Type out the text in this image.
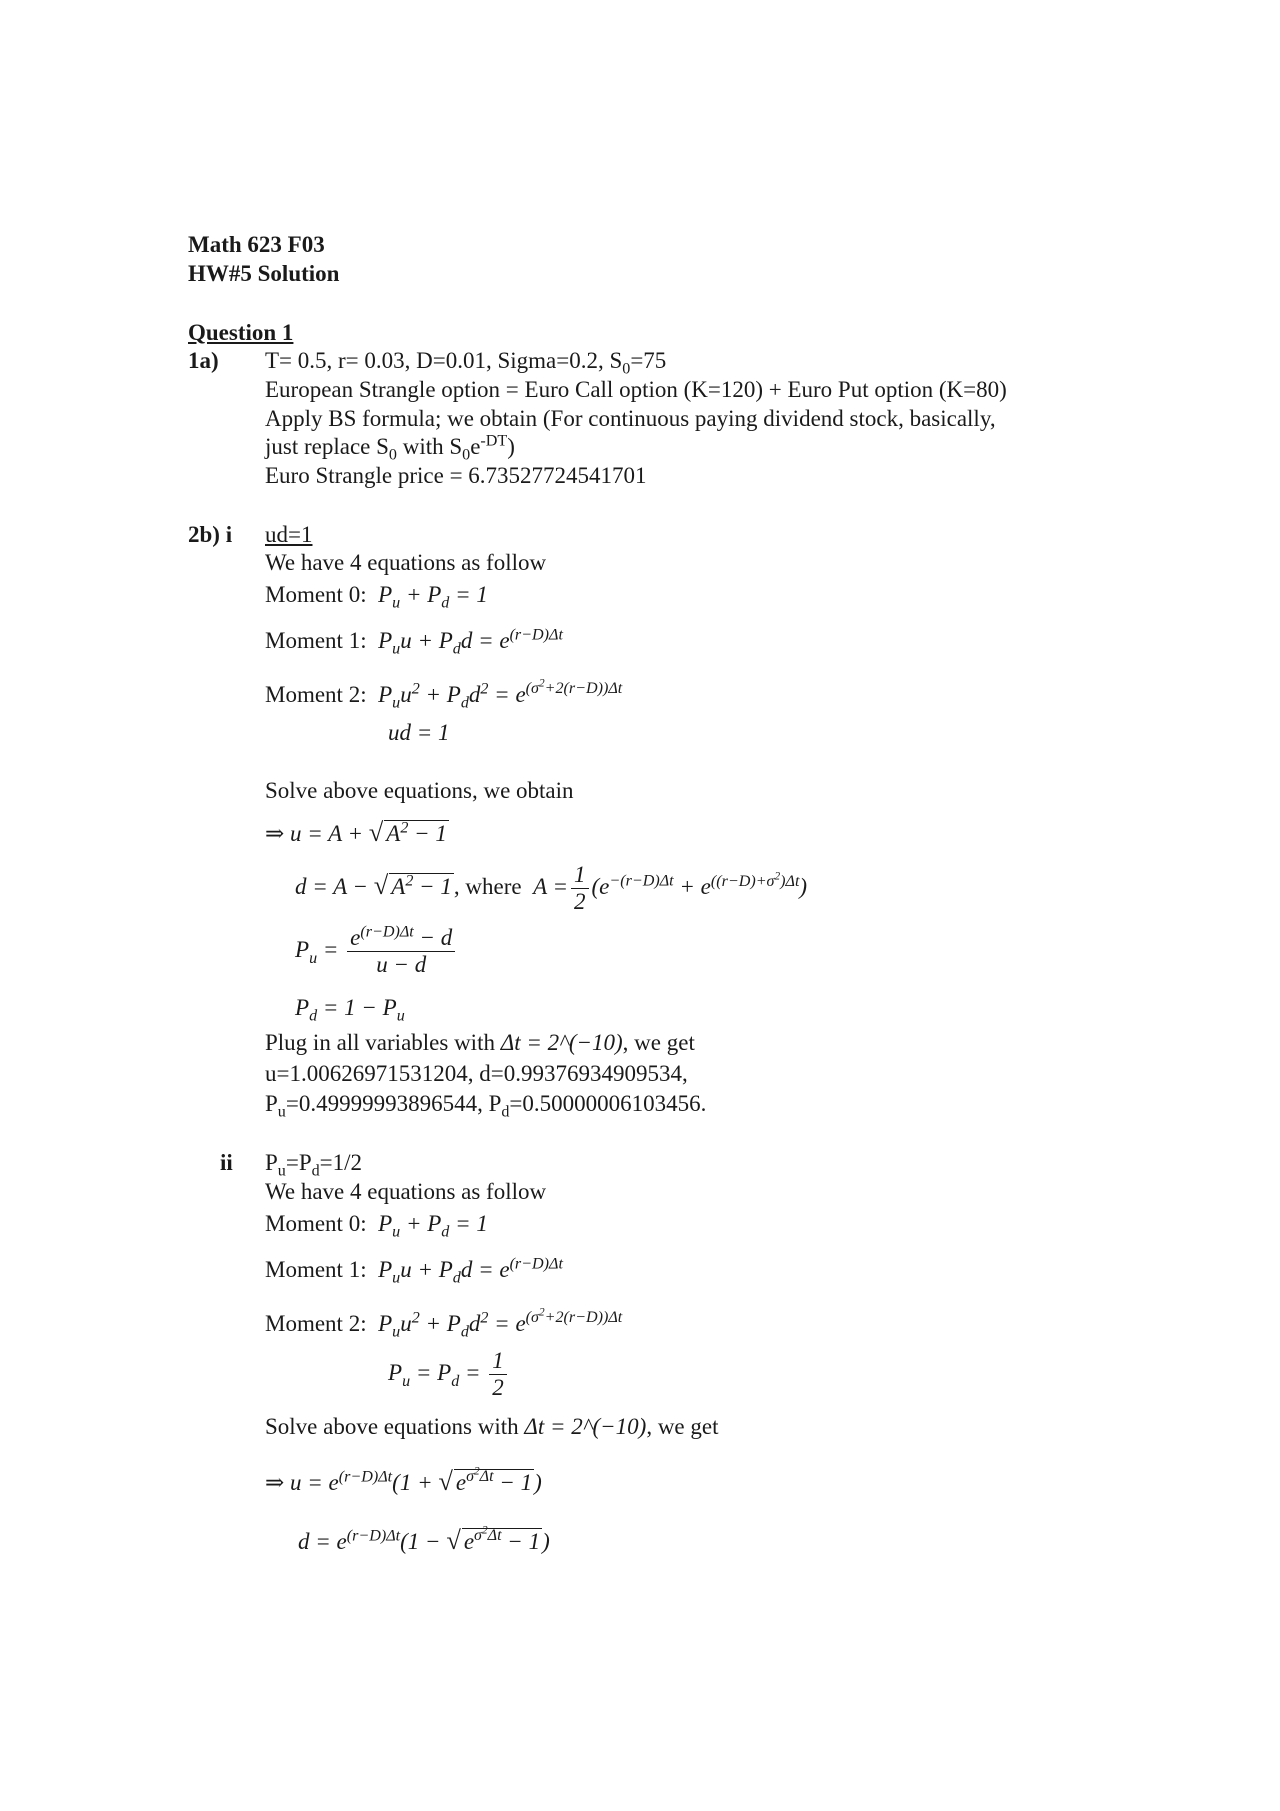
Math 623 F03
HW#5 Solution
Question 1
1a) T= 0.5, r= 0.03, D=0.01, Sigma=0.2, $S_0=75$
European Strangle option = Euro Call option (K=120) + Euro Put option (K=80)
Apply BS formula; we obtain (For continuous paying dividend stock, basically,
just replace $S_0$ with $S_0e^{-DT}$)
Euro Strangle price = 6.73527724541701
2b) i ud=1
We have 4 equations as follow
Moment 0: $P_u + P_d = 1$
Moment 1: $P_uu + P_dd = e^{(r-D)\Delta t}$
Moment 2: $P_uu^2 + P_dd^2 = e^{(\sigma^2+2(r-D))\Delta t}$
ud = 1
Solve above equations, we obtain
⇒ u = A + √ $A^2 - 1$
d = A − √ $A^2 - 1$, where $A = \frac{1}{2} (e^{-(r-D)\Delta t} + e^{((r-D)+\sigma^2)\Delta t})$
$P_u = \frac{e^{(r-D)\Delta t} - d}{u - d}$
$P_d = 1 - P_u$
Plug in all variables with Δt = 2^(−10), we get
u=1.00626971531204, d=0.99376934909534,
$P_u=0.49999993896544$, $P_d=0.50000006103456$.
ii $P_u=P_d=1/2$
We have 4 equations as follow
Moment 0: $P_u + P_d = 1$
Moment 1: $P_uu + P_dd = e^{(r-D)\Delta t}$
Moment 2: $P_uu^2 + P_dd^2 = e^{(\sigma^2+2(r-D))\Delta t}$
$P_u = P_d = \frac{1}{2}$
Solve above equations with Δt = 2^(−10), we get
⇒ $u = e^{(r-D)\Delta t}(1$ + √ $e^{\sigma^2\Delta t} - 1$)
$d = e^{(r-D)\Delta t}(1$ − √ $e^{\sigma^2\Delta t} - 1$)
